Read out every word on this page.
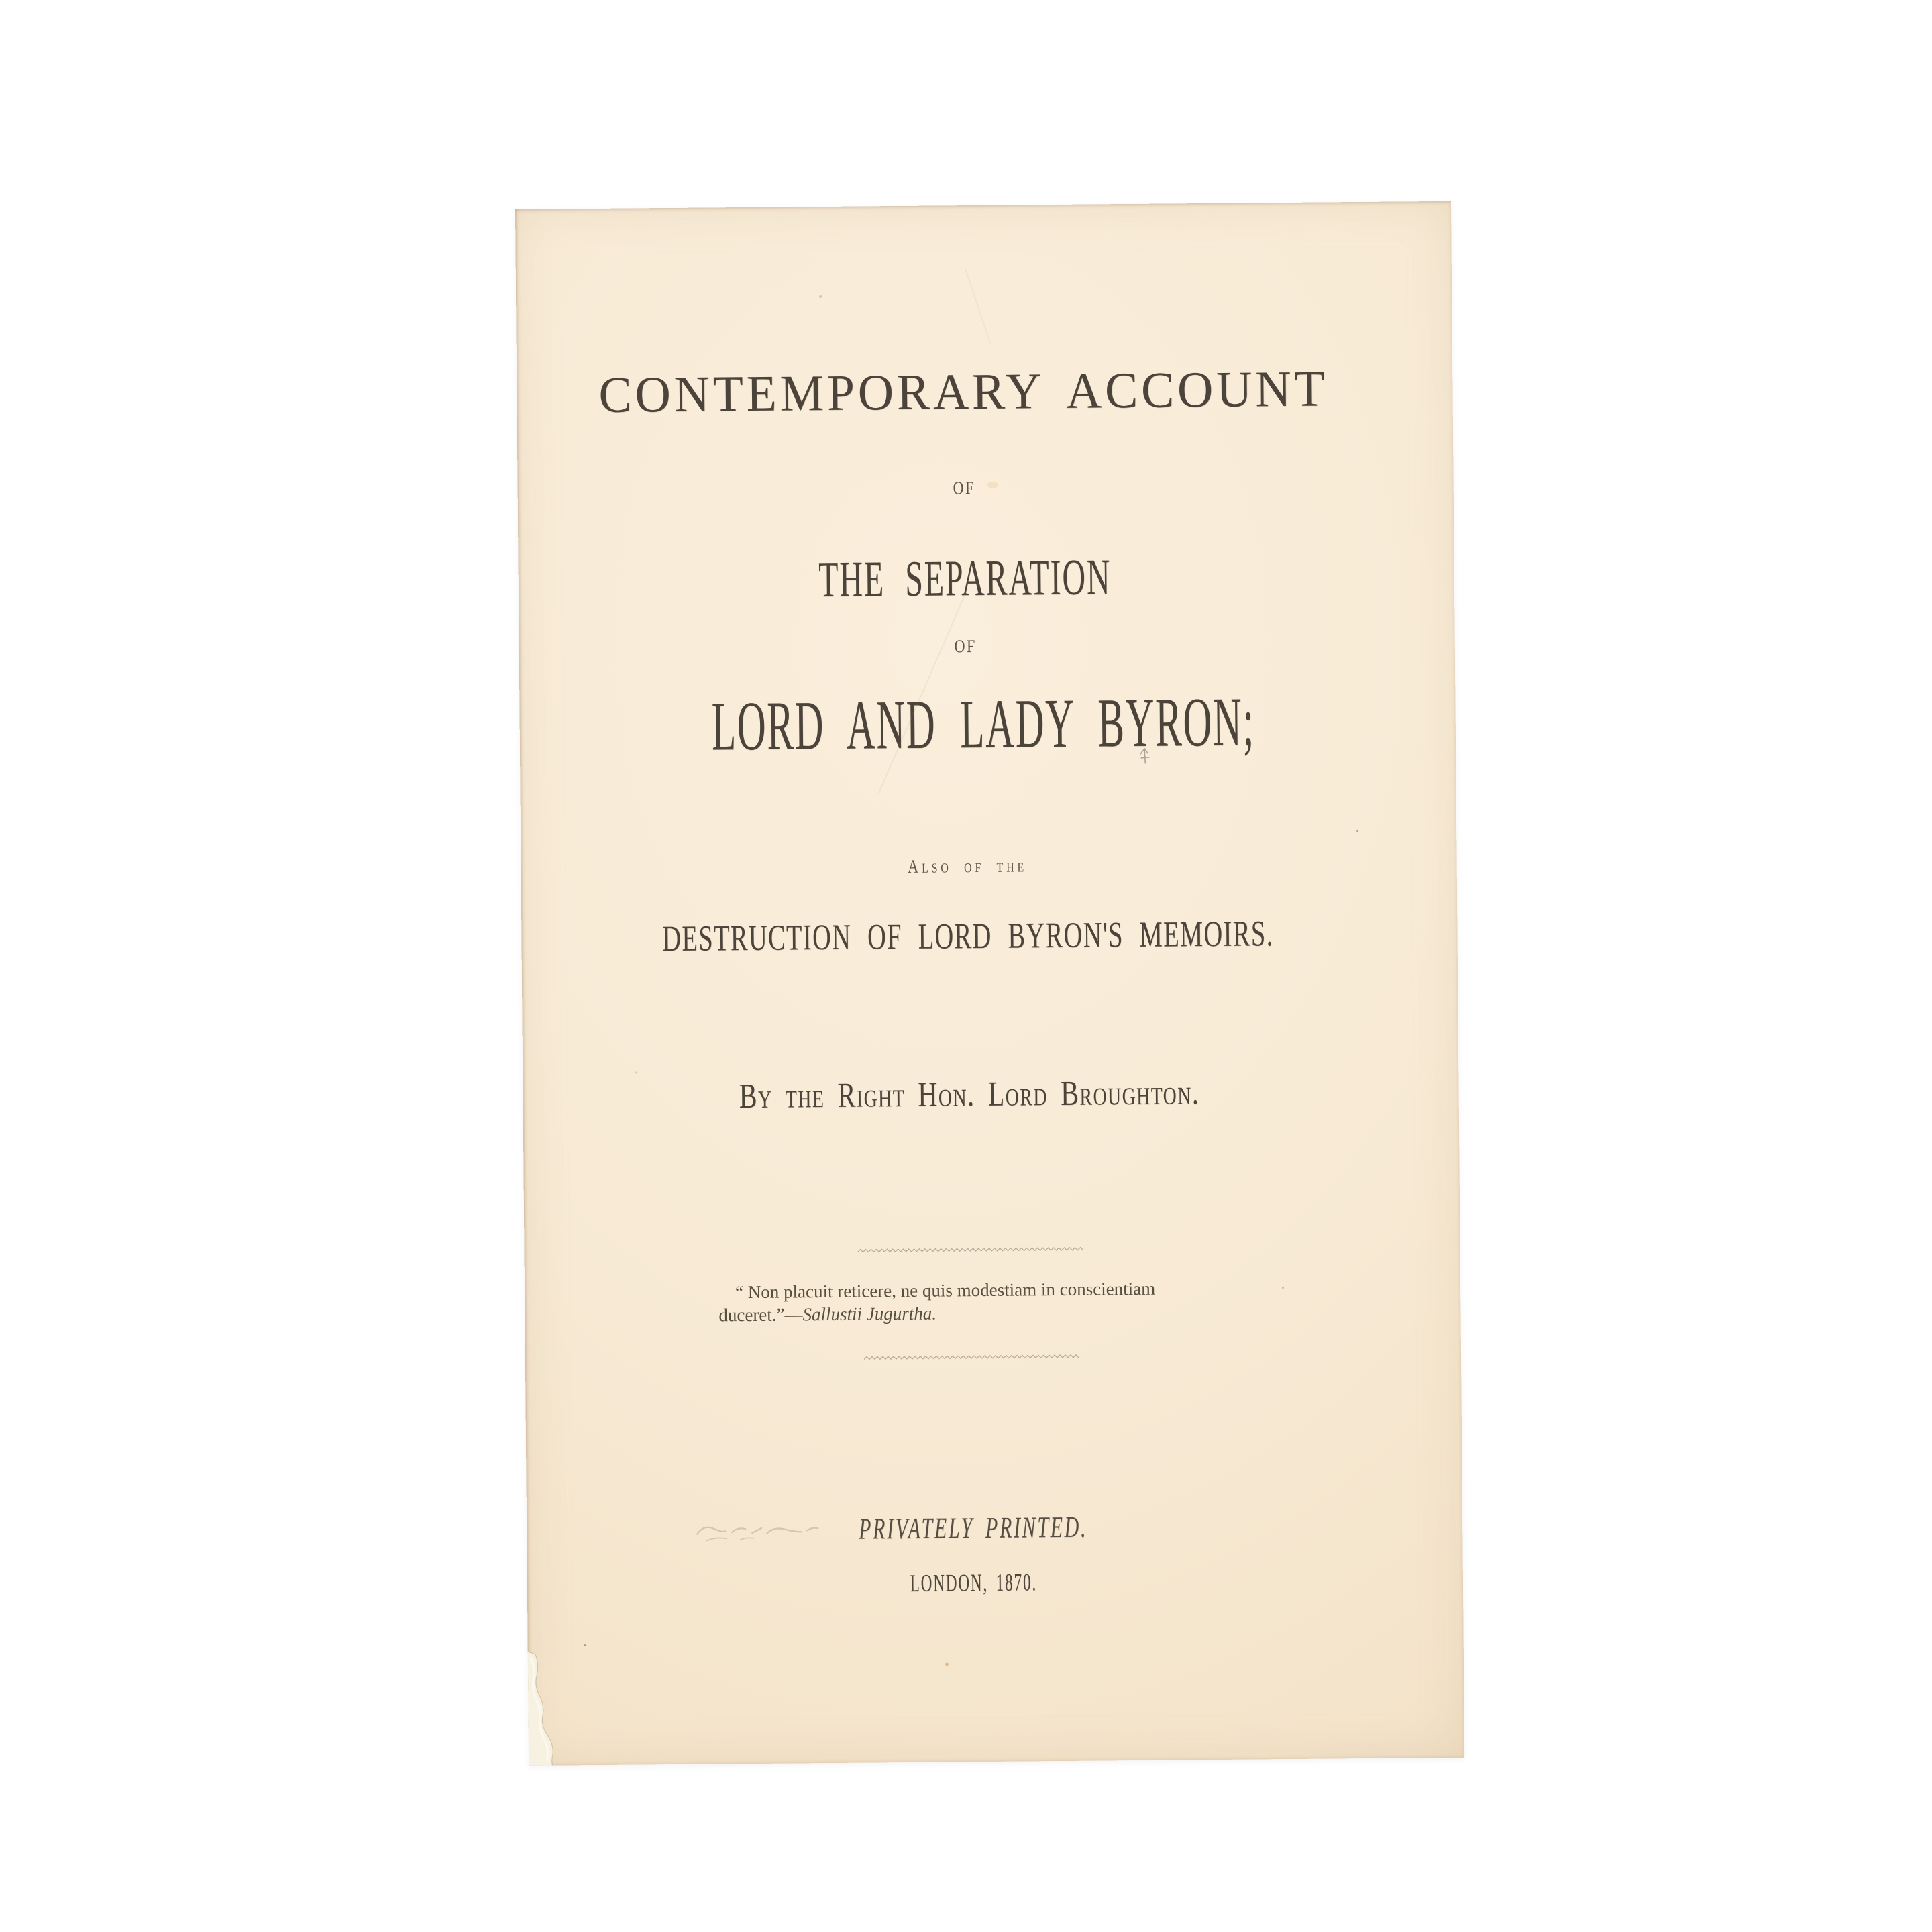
CONTEMPORARY ACCOUNT
OF
THE SEPARATION
OF
LORD AND LADY BYRON;
Also of the
DESTRUCTION OF LORD BYRON'S MEMOIRS.
By the Right Hon. Lord Broughton.
“ Non placuit reticere, ne quis modestiam in conscientiam
duceret.”—Sallustii Jugurtha.
PRIVATELY PRINTED.
LONDON, 1870.
